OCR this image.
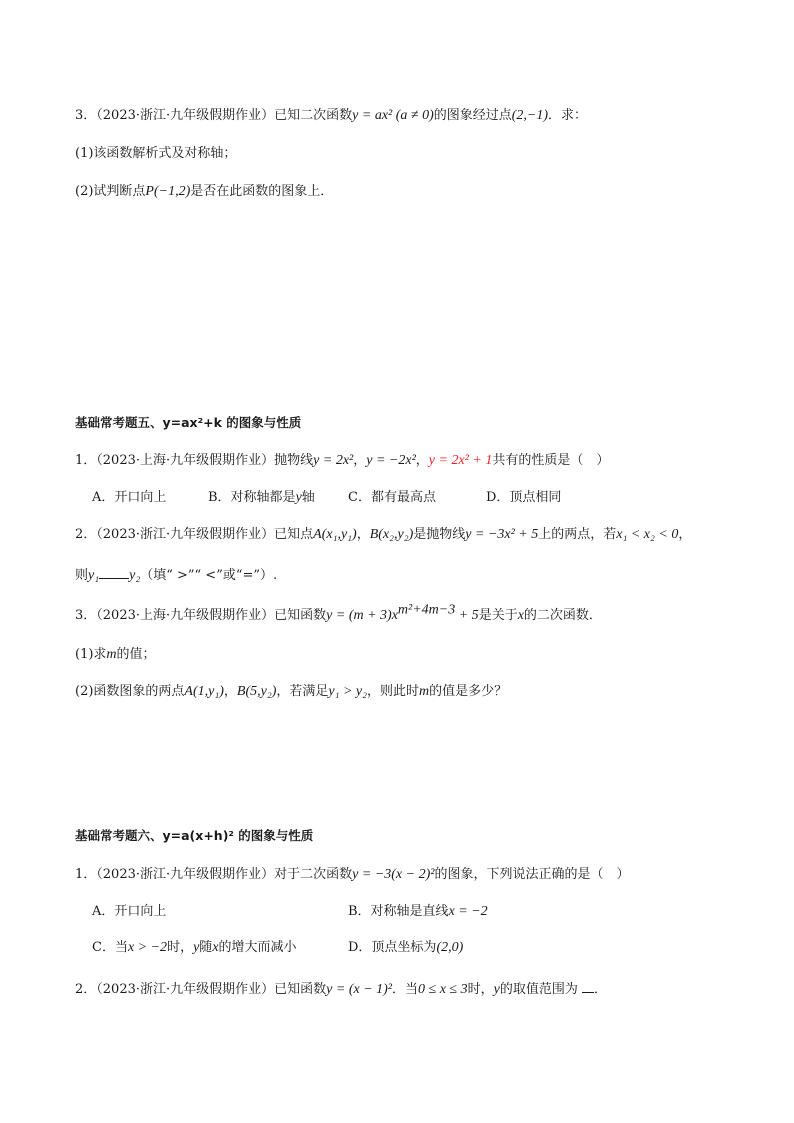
3．（2023·浙江·九年级假期作业）已知二次函数y = ax² (a ≠ 0)的图象经过点(2,−1)．求：
(1)该函数解析式及对称轴；
(2)试判断点P(−1,2)是否在此函数的图象上．
基础常考题五、y=ax²+k 的图象与性质
1．（2023·上海·九年级假期作业）抛物线y = 2x²，y = −2x²，y = 2x² + 1共有的性质是（　）
A．开口向上	B．对称轴都是y轴	C．都有最高点	D．顶点相同
2．（2023·浙江·九年级假期作业）已知点A(x₁,y₁)，B(x₂,y₂)是抛物线y = −3x² + 5上的两点，若x₁ < x₂ < 0，
则y₁ y₂（填“ >”“ <”或“=”）.
3．（2023·上海·九年级假期作业）已知函数$y = (m + 3)x^{m^2+4m-3} + 5$是关于x的二次函数．
(1)求m的值；
(2)函数图象的两点A(1,y₁)，B(5,y₂)，若满足y₁ > y₂，则此时m的值是多少？
基础常考题六、y=a(x+h)² 的图象与性质
1．（2023·浙江·九年级假期作业）对于二次函数y = −3(x − 2)²的图象，下列说法正确的是（　）
A．开口向上	B．对称轴是直线x = −2
C．当x > −2时，y随x的增大而减小	D．顶点坐标为(2,0)
2．（2023·浙江·九年级假期作业）已知函数y = (x − 1)²．当0 ≤ x ≤ 3时，y的取值范围为 ．
